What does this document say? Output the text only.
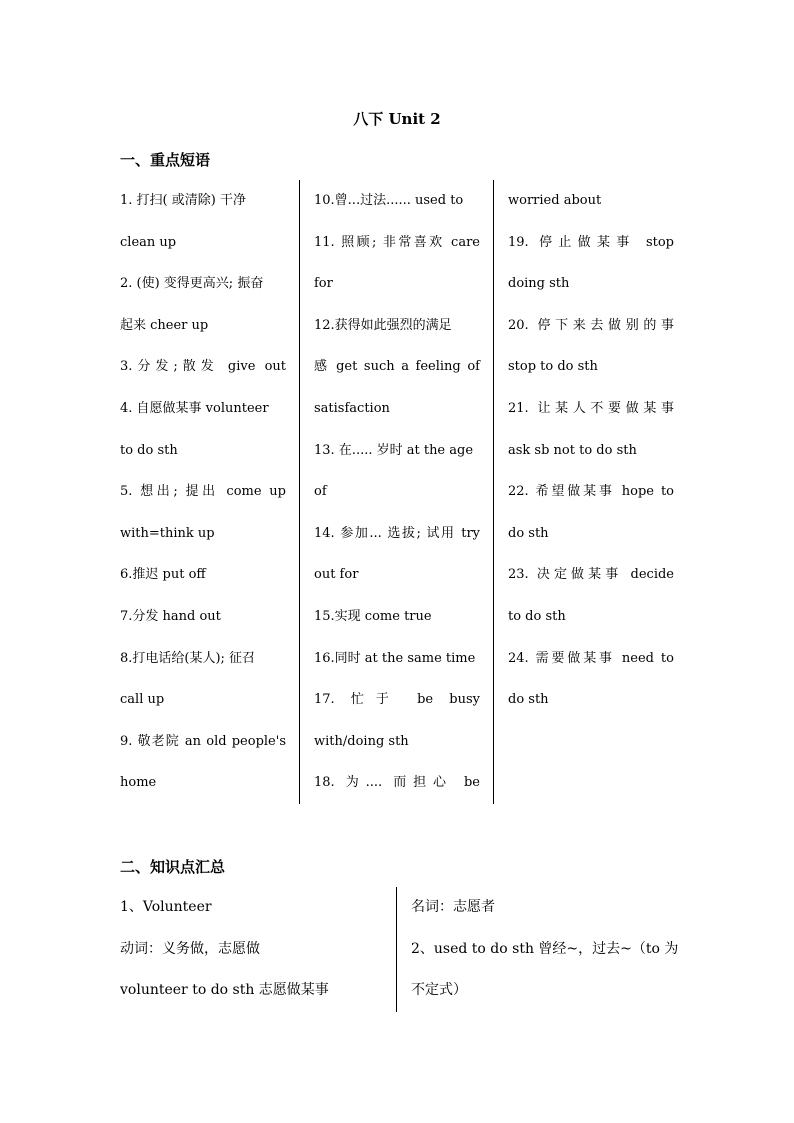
八下 Unit 2
一、重点短语

1. 打扫( 或清除) 干净

clean up

2. (使) 变得更高兴; 振奋

起来 cheer up

3.分发;散发 give out

4. 自愿做某事 volunteer

to do sth

5. 想出; 提出 come up

with=think up

6.推迟 put off

7.分发 hand out

8.打电话给(某人); 征召

call up

9. 敬老院 an old people's

home

10.曾...过法...... used to

11. 照顾; 非常喜欢 care

for

12.获得如此强烈的满足

感 get such a feeling of

satisfaction

13. 在..... 岁时 at the age

of

14. 参加... 选拔; 试用 try

out for

15.实现 come true

16.同时 at the same time

17. 忙于 be busy

with/doing sth

18. 为.... 而担心 be

worried about

19. 停止做某事 stop

doing sth

20. 停下来去做别的事

stop to do sth

21. 让某人不要做某事

ask sb not to do sth

22. 希望做某事 hope to

do sth

23. 决定做某事 decide

to do sth

24. 需要做某事 need to

do sth

二、知识点汇总

1、Volunteer

动词：义务做，志愿做

volunteer to do sth 志愿做某事

名词：志愿者

2、used to do sth 曾经~，过去~（to 为

不定式）
